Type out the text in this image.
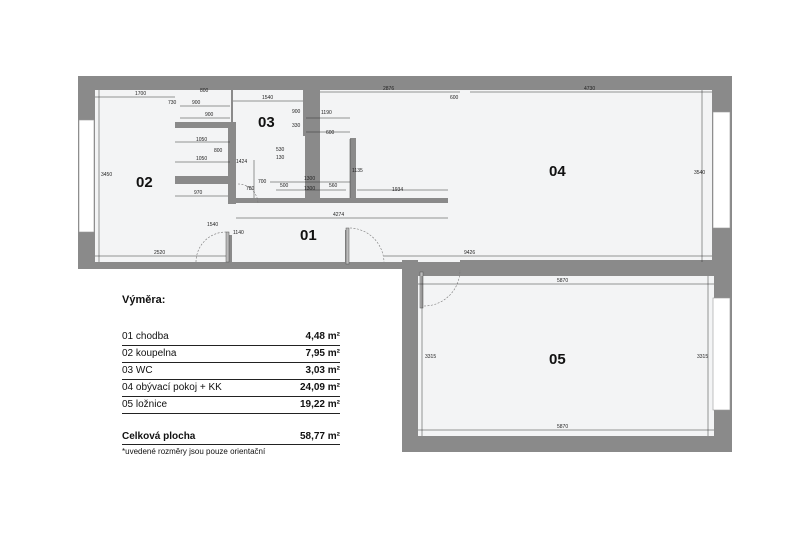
1700
730
800
900
900
1540
2876
600
4730
3450	3540
1050
800
1050	1424
970
700
780
900
330
1190
600
530
130
1300
500	1300	560
1135
1934
4274
1540
1140
2520	9426
5870
3315	3315
5870
03
02
04
01
05
Výměra:
01 chodba	4,48 m²
02 koupelna	7,95 m²
03 WC	3,03 m²
04 obývací pokoj + KK	24,09 m²
05 ložnice	19,22 m²
Celková plocha	58,77 m²
*uvedené rozměry jsou pouze orientační
